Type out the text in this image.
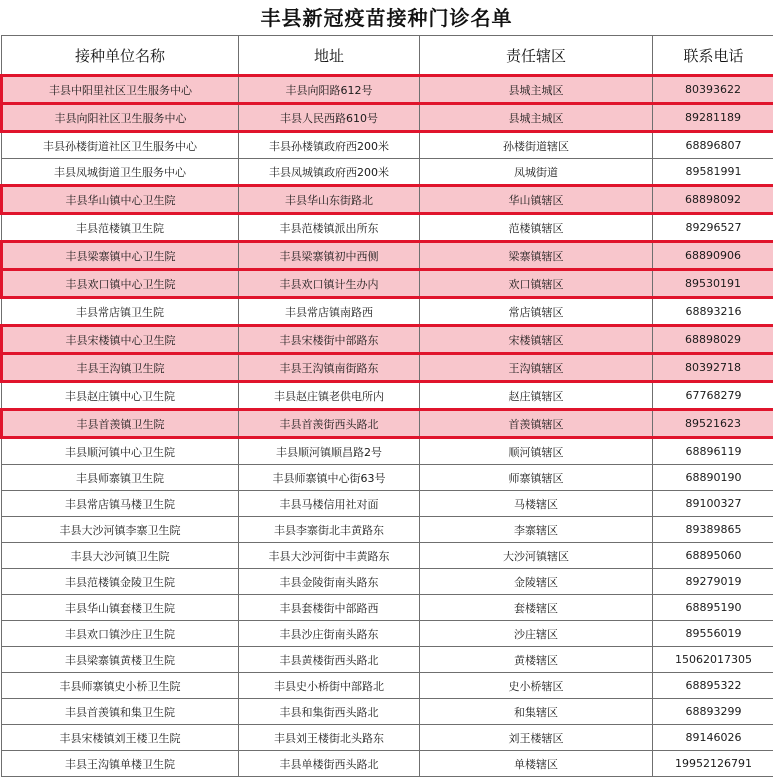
丰县新冠疫苗接种门诊名单
接种单位名称	地址	责任辖区	联系电话
丰县中阳里社区卫生服务中心	丰县向阳路612号	县城主城区	80393622
丰县向阳社区卫生服务中心	丰县人民西路610号	县城主城区	89281189
丰县孙楼街道社区卫生服务中心	丰县孙楼镇政府西200米	孙楼街道辖区	68896807
丰县凤城街道卫生服务中心	丰县凤城镇政府西200米	凤城街道	89581991
丰县华山镇中心卫生院	丰县华山东街路北	华山镇辖区	68898092
丰县范楼镇卫生院	丰县范楼镇派出所东	范楼镇辖区	89296527
丰县梁寨镇中心卫生院	丰县梁寨镇初中西侧	梁寨镇辖区	68890906
丰县欢口镇中心卫生院	丰县欢口镇计生办内	欢口镇辖区	89530191
丰县常店镇卫生院	丰县常店镇南路西	常店镇辖区	68893216
丰县宋楼镇中心卫生院	丰县宋楼街中部路东	宋楼镇辖区	68898029
丰县王沟镇卫生院	丰县王沟镇南街路东	王沟镇辖区	80392718
丰县赵庄镇中心卫生院	丰县赵庄镇老供电所内	赵庄镇辖区	67768279
丰县首羡镇卫生院	丰县首羡街西头路北	首羡镇辖区	89521623
丰县顺河镇中心卫生院	丰县顺河镇顺昌路2号	顺河镇辖区	68896119
丰县师寨镇卫生院	丰县师寨镇中心街63号	师寨镇辖区	68890190
丰县常店镇马楼卫生院	丰县马楼信用社对面	马楼辖区	89100327
丰县大沙河镇李寨卫生院	丰县李寨街北丰黄路东	李寨辖区	89389865
丰县大沙河镇卫生院	丰县大沙河街中丰黄路东	大沙河镇辖区	68895060
丰县范楼镇金陵卫生院	丰县金陵街南头路东	金陵辖区	89279019
丰县华山镇套楼卫生院	丰县套楼街中部路西	套楼辖区	68895190
丰县欢口镇沙庄卫生院	丰县沙庄街南头路东	沙庄辖区	89556019
丰县梁寨镇黄楼卫生院	丰县黄楼街西头路北	黄楼辖区	15062017305
丰县师寨镇史小桥卫生院	丰县史小桥街中部路北	史小桥辖区	68895322
丰县首羡镇和集卫生院	丰县和集街西头路北	和集辖区	68893299
丰县宋楼镇刘王楼卫生院	丰县刘王楼街北头路东	刘王楼辖区	89146026
丰县王沟镇单楼卫生院	丰县单楼街西头路北	单楼辖区	19952126791
